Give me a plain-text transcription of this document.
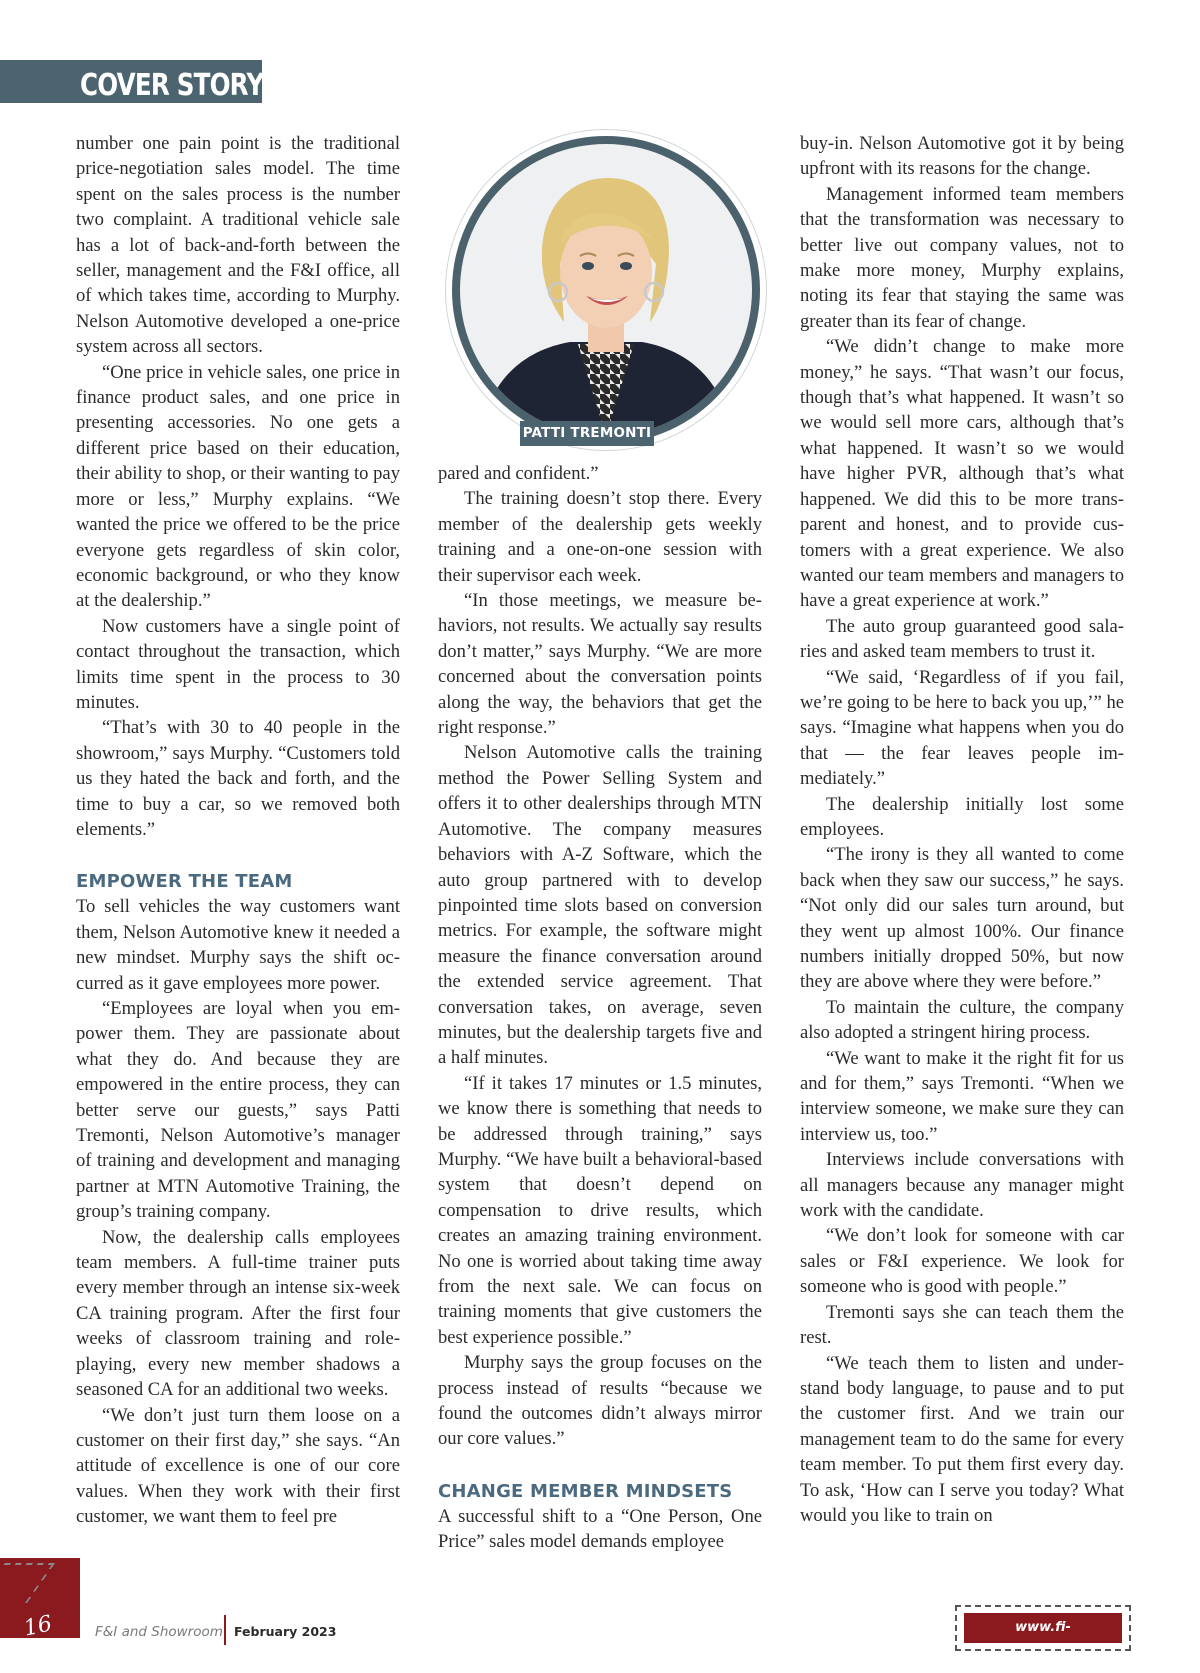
COVER STORY

number one pain point is the traditional price-negotiation sales model. The time spent on the sales process is the number two complaint. A traditional vehicle sale has a lot of back-and-forth between the seller, management and the F&I office, all of which takes time, according to Murphy. Nelson Automotive developed a one-price system across all sectors.

“One price in vehicle sales, one price in finance product sales, and one price in presenting accessories. No one gets a different price based on their education, their ability to shop, or their wanting to pay more or less,” Murphy explains. “We wanted the price we offered to be the price everyone gets regardless of skin color, economic background, or who they know at the dealership.”

Now customers have a single point of contact throughout the transaction, which limits time spent in the process to 30 minutes.

“That’s with 30 to 40 people in the showroom,” says Murphy. “Customers told us they hated the back and forth, and the time to buy a car, so we removed both elements.”

EMPOWER THE TEAM

To sell vehicles the way customers want them, Nelson Automotive knew it needed a new mindset. Murphy says the shift occurred as it gave employees more power.

“Employees are loyal when you empower them. They are passionate about what they do. And because they are empowered in the entire process, they can better serve our guests,” says Patti Tremonti, Nelson Automotive’s manager of training and development and managing partner at MTN Automotive Training, the group’s training company.

Now, the dealership calls employees team members. A full-time trainer puts every member through an intense six-week CA training program. After the first four weeks of classroom training and role-playing, every new member shadows a seasoned CA for an additional two weeks.

“We don’t just turn them loose on a customer on their first day,” she says. “An attitude of excellence is one of our core values. When they work with their first customer, we want them to feel pre

PATTI TREMONTI

pared and confident.”

The training doesn’t stop there. Every member of the dealership gets weekly training and a one-on-one session with their supervisor each week.

“In those meetings, we measure behaviors, not results. We actually say results don’t matter,” says Murphy. “We are more concerned about the conversation points along the way, the behaviors that get the right response.”

Nelson Automotive calls the training method the Power Selling System and offers it to other dealerships through MTN Automotive. The company measures behaviors with A-Z Software, which the auto group partnered with to develop pinpointed time slots based on conversion metrics. For example, the software might measure the finance conversation around the extended service agreement. That conversation takes, on average, seven minutes, but the dealership targets five and a half minutes.

“If it takes 17 minutes or 1.5 minutes, we know there is something that needs to be addressed through training,” says Murphy. “We have built a behavioral-based system that doesn’t depend on compensation to drive results, which creates an amazing training environment. No one is worried about taking time away from the next sale. We can focus on training moments that give customers the best experience possible.”

Murphy says the group focuses on the process instead of results “because we found the outcomes didn’t always mirror our core values.”

CHANGE MEMBER MINDSETS

A successful shift to a “One Person, One Price” sales model demands employee

buy-in. Nelson Automotive got it by being upfront with its reasons for the change.

Management informed team members that the transformation was necessary to better live out company values, not to make more money, Murphy explains, noting its fear that staying the same was greater than its fear of change.

“We didn’t change to make more money,” he says. “That wasn’t our focus, though that’s what happened. It wasn’t so we would sell more cars, although that’s what happened. It wasn’t so we would have higher PVR, although that’s what happened. We did this to be more transparent and honest, and to provide customers with a great experience. We also wanted our team members and managers to have a great experience at work.”

The auto group guaranteed good salaries and asked team members to trust it.

“We said, ‘Regardless of if you fail, we’re going to be here to back you up,’” he says. “Imagine what happens when you do that — the fear leaves people immediately.”

The dealership initially lost some employees.

“The irony is they all wanted to come back when they saw our success,” he says. “Not only did our sales turn around, but they went up almost 100%. Our finance numbers initially dropped 50%, but now they are above where they were before.”

To maintain the culture, the company also adopted a stringent hiring process.

“We want to make it the right fit for us and for them,” says Tremonti. “When we interview someone, we make sure they can interview us, too.”

Interviews include conversations with all managers because any manager might work with the candidate.

“We don’t look for someone with car sales or F&I experience. We look for someone who is good with people.”

Tremonti says she can teach them the rest.

“We teach them to listen and understand body language, to pause and to put the customer first. And we train our management team to do the same for every team member. To put them first every day. To ask, ‘How can I serve you today? What would you like to train on

16	F&I and Showroom February 2023	www.fi-magazine.com
